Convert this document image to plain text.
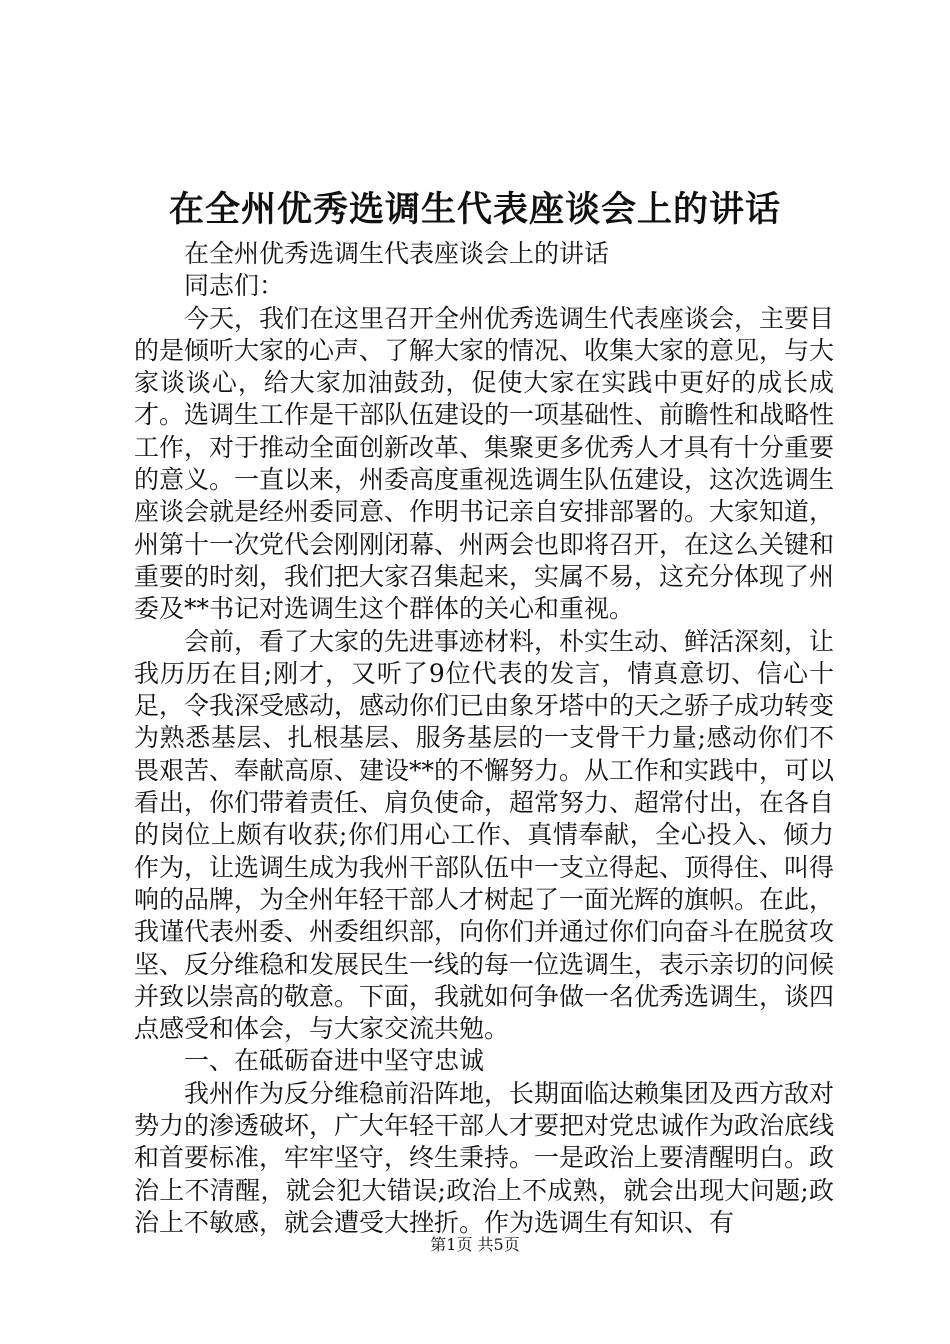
在全州优秀选调生代表座谈会上的讲话

在全州优秀选调生代表座谈会上的讲话

同志们：

今天，我们在这里召开全州优秀选调生代表座谈会，主要目的是倾听大家的心声、了解大家的情况、收集大家的意见，与大家谈谈心，给大家加油鼓劲，促使大家在实践中更好的成长成才。选调生工作是干部队伍建设的一项基础性、前瞻性和战略性工作，对于推动全面创新改革、集聚更多优秀人才具有十分重要的意义。一直以来，州委高度重视选调生队伍建设，这次选调生座谈会就是经州委同意、作明书记亲自安排部署的。大家知道，州第十一次党代会刚刚闭幕、州两会也即将召开，在这么关键和重要的时刻，我们把大家召集起来，实属不易，这充分体现了州委及**书记对选调生这个群体的关心和重视。

会前，看了大家的先进事迹材料，朴实生动、鲜活深刻，让我历历在目;刚才，又听了9位代表的发言，情真意切、信心十足，令我深受感动，感动你们已由象牙塔中的天之骄子成功转变为熟悉基层、扎根基层、服务基层的一支骨干力量;感动你们不畏艰苦、奉献高原、建设**的不懈努力。从工作和实践中，可以看出，你们带着责任、肩负使命，超常努力、超常付出，在各自的岗位上颇有收获;你们用心工作、真情奉献，全心投入、倾力作为，让选调生成为我州干部队伍中一支立得起、顶得住、叫得响的品牌，为全州年轻干部人才树起了一面光辉的旗帜。在此，我谨代表州委、州委组织部，向你们并通过你们向奋斗在脱贫攻坚、反分维稳和发展民生一线的每一位选调生，表示亲切的问候并致以崇高的敬意。下面，我就如何争做一名优秀选调生，谈四点感受和体会，与大家交流共勉。

一、在砥砺奋进中坚守忠诚

我州作为反分维稳前沿阵地，长期面临达赖集团及西方敌对势力的渗透破坏，广大年轻干部人才要把对党忠诚作为政治底线和首要标准，牢牢坚守，终生秉持。一是政治上要清醒明白。政治上不清醒，就会犯大错误;政治上不成熟，就会出现大问题;政治上不敏感，就会遭受大挫折。作为选调生有知识、有

第1页 共5页
